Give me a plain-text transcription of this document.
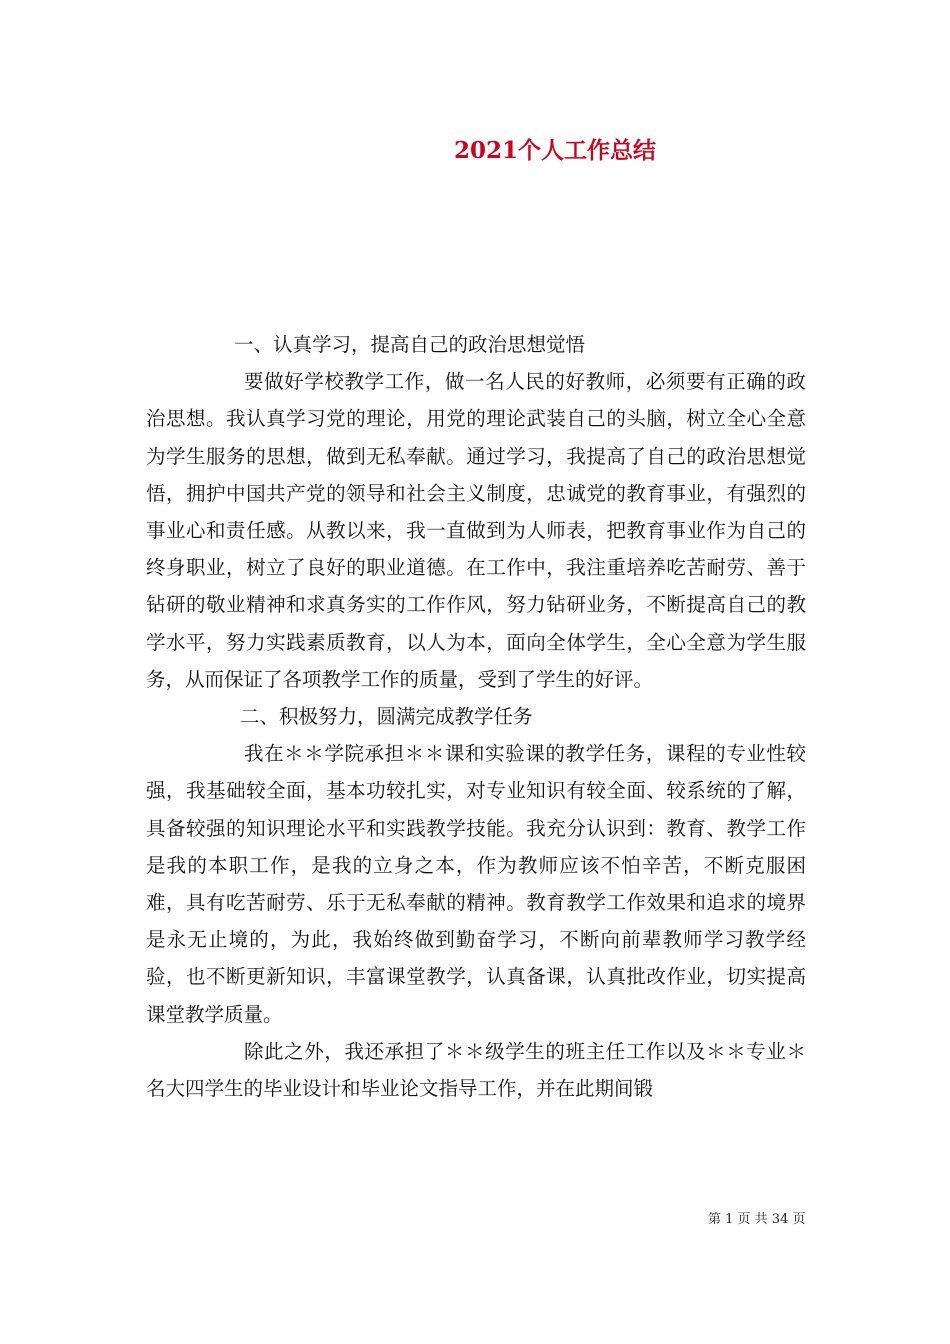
2021个人工作总结

一、认真学习，提高自己的政治思想觉悟

要做好学校教学工作，做一名人民的好教师，必须要有正确的政治思想。我认真学习党的理论，用党的理论武装自己的头脑，树立全心全意为学生服务的思想，做到无私奉献。通过学习，我提高了自己的政治思想觉悟，拥护中国共产党的领导和社会主义制度，忠诚党的教育事业，有强烈的事业心和责任感。从教以来，我一直做到为人师表，把教育事业作为自己的终身职业，树立了良好的职业道德。在工作中，我注重培养吃苦耐劳、善于钻研的敬业精神和求真务实的工作作风，努力钻研业务，不断提高自己的教学水平，努力实践素质教育，以人为本，面向全体学生，全心全意为学生服务，从而保证了各项教学工作的质量，受到了学生的好评。

二、积极努力，圆满完成教学任务

我在＊＊学院承担＊＊课和实验课的教学任务，课程的专业性较强，我基础较全面，基本功较扎实，对专业知识有较全面、较系统的了解，具备较强的知识理论水平和实践教学技能。我充分认识到：教育、教学工作是我的本职工作，是我的立身之本，作为教师应该不怕辛苦，不断克服困难，具有吃苦耐劳、乐于无私奉献的精神。教育教学工作效果和追求的境界是永无止境的，为此，我始终做到勤奋学习，不断向前辈教师学习教学经验，也不断更新知识，丰富课堂教学，认真备课，认真批改作业，切实提高课堂教学质量。

除此之外，我还承担了＊＊级学生的班主任工作以及＊＊专业＊名大四学生的毕业设计和毕业论文指导工作，并在此期间锻

第 1 页 共 34 页
